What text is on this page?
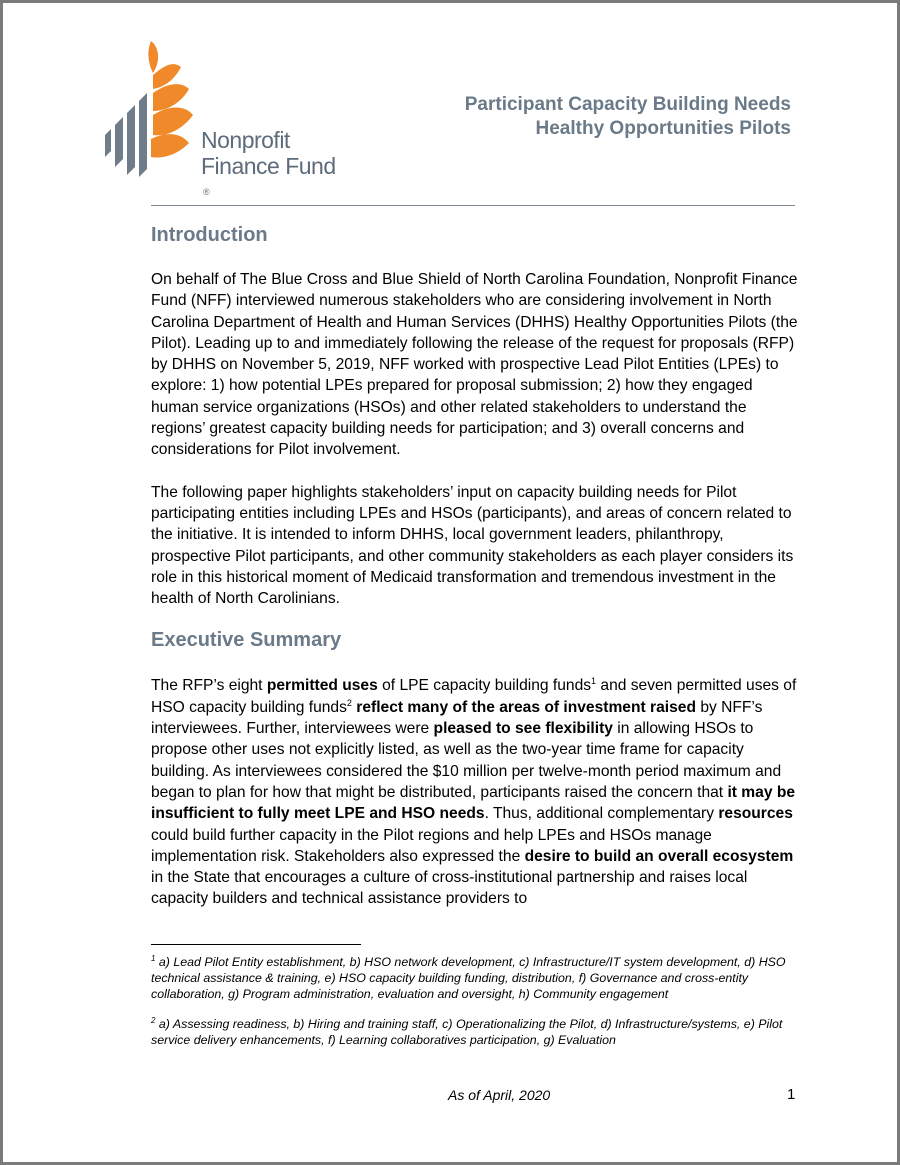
Nonprofit
Finance Fund
®
Participant Capacity Building Needs
Healthy Opportunities Pilots
Introduction

On behalf of The Blue Cross and Blue Shield of North Carolina Foundation, Nonprofit Finance Fund (NFF) interviewed numerous stakeholders who are considering involvement in North Carolina Department of Health and Human Services (DHHS) Healthy Opportunities Pilots (the Pilot). Leading up to and immediately following the release of the request for proposals (RFP) by DHHS on November 5, 2019, NFF worked with prospective Lead Pilot Entities (LPEs) to explore: 1) how potential LPEs prepared for proposal submission; 2) how they engaged human service organizations (HSOs) and other related stakeholders to understand the regions’ greatest capacity building needs for participation; and 3) overall concerns and considerations for Pilot involvement.

The following paper highlights stakeholders’ input on capacity building needs for Pilot participating entities including LPEs and HSOs (participants), and areas of concern related to the initiative. It is intended to inform DHHS, local government leaders, philanthropy, prospective Pilot participants, and other community stakeholders as each player considers its role in this historical moment of Medicaid transformation and tremendous investment in the health of North Carolinians.

Executive Summary

The RFP’s eight permitted uses of LPE capacity building funds$^1$ and seven permitted uses of HSO capacity building funds$^2$ reflect many of the areas of investment raised by NFF’s interviewees. Further, interviewees were pleased to see flexibility in allowing HSOs to propose other uses not explicitly listed, as well as the two-year time frame for capacity building. As interviewees considered the $10 million per twelve-month period maximum and began to plan for how that might be distributed, participants raised the concern that it may be insufficient to fully meet LPE and HSO needs. Thus, additional complementary resources could build further capacity in the Pilot regions and help LPEs and HSOs manage implementation risk. Stakeholders also expressed the desire to build an overall ecosystem in the State that encourages a culture of cross-institutional partnership and raises local capacity builders and technical assistance providers to

$^1$ a) Lead Pilot Entity establishment, b) HSO network development, c) Infrastructure/IT system development, d) HSO technical assistance & training, e) HSO capacity building funding, distribution, f) Governance and cross-entity collaboration, g) Program administration, evaluation and oversight, h) Community engagement

$^2$ a) Assessing readiness, b) Hiring and training staff, c) Operationalizing the Pilot, d) Infrastructure/systems, e) Pilot service delivery enhancements, f) Learning collaboratives participation, g) Evaluation

As of April, 2020	1
